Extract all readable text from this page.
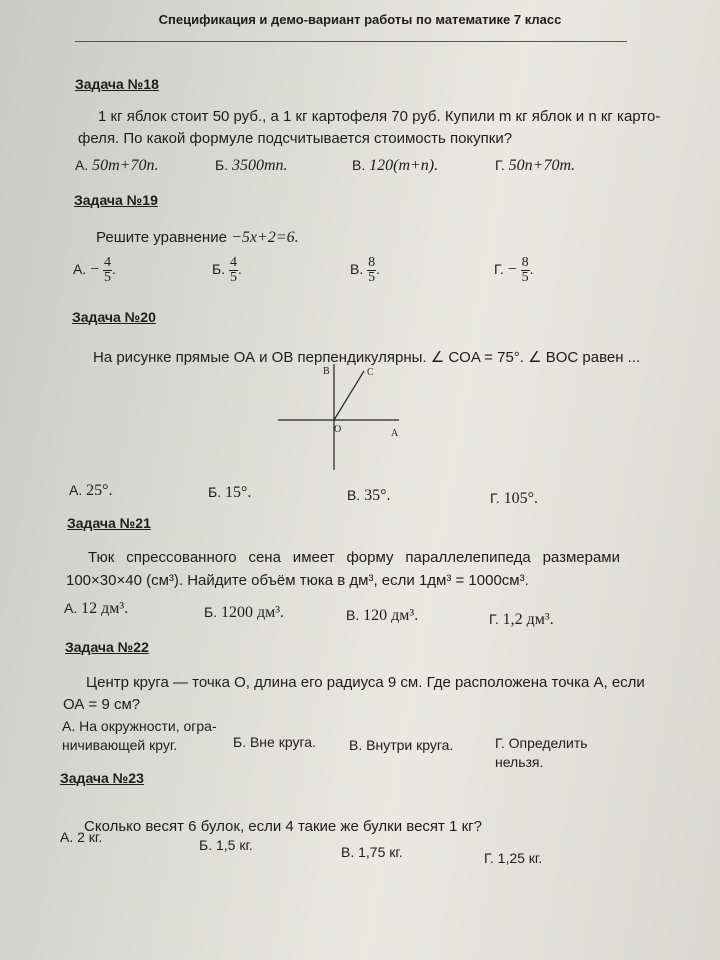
Спецификация и демо-вариант работы по математике 7 класс
Задача №18
1 кг яблок стоит 50 руб., а 1 кг картофеля 70 руб. Купили m кг яблок и n кг карто-
феля. По какой формуле подсчитывается стоимость покупки?
А. 50m+70n.	Б. 3500mn.	В. 120(m+n).	Г. 50n+70m.
Задача №19
Решите уравнение −5x+2=6.
А. − $\frac{4}{5}$ .	Б. $\frac{4}{5}$ .	В. $\frac{8}{5}$ .	Г. − $\frac{8}{5}$ .
Задача №20
На рисунке прямые ОА и ОВ перпендикулярны. ∠ COA = 75°. ∠ BOC равен ...
B	C
O	A
А. 25°.	Б. 15°.	В. 35°.	Г. 105°.
Задача №21
Тюк спрессованного сена имеет форму параллелепипеда размерами
100×30×40 (см³). Найдите объём тюка в дм³, если 1дм³ = 1000см³.
А. 12 дм³.	Б. 1200 дм³.	В. 120 дм³.	Г. 1,2 дм³.
Задача №22
Центр круга — точка О, длина его радиуса 9 см. Где расположена точка А, если
ОА = 9 см?
А. На окружности, огра-
ничивающей круг.	Б. Вне круга. В. Внутри круга.	Г. Определить
нельзя.
Задача №23
Сколько весят 6 булок, если 4 такие же булки весят 1 кг?
А. 2 кг.	Б. 1,5 кг.	В. 1,75 кг.	Г. 1,25 кг.
